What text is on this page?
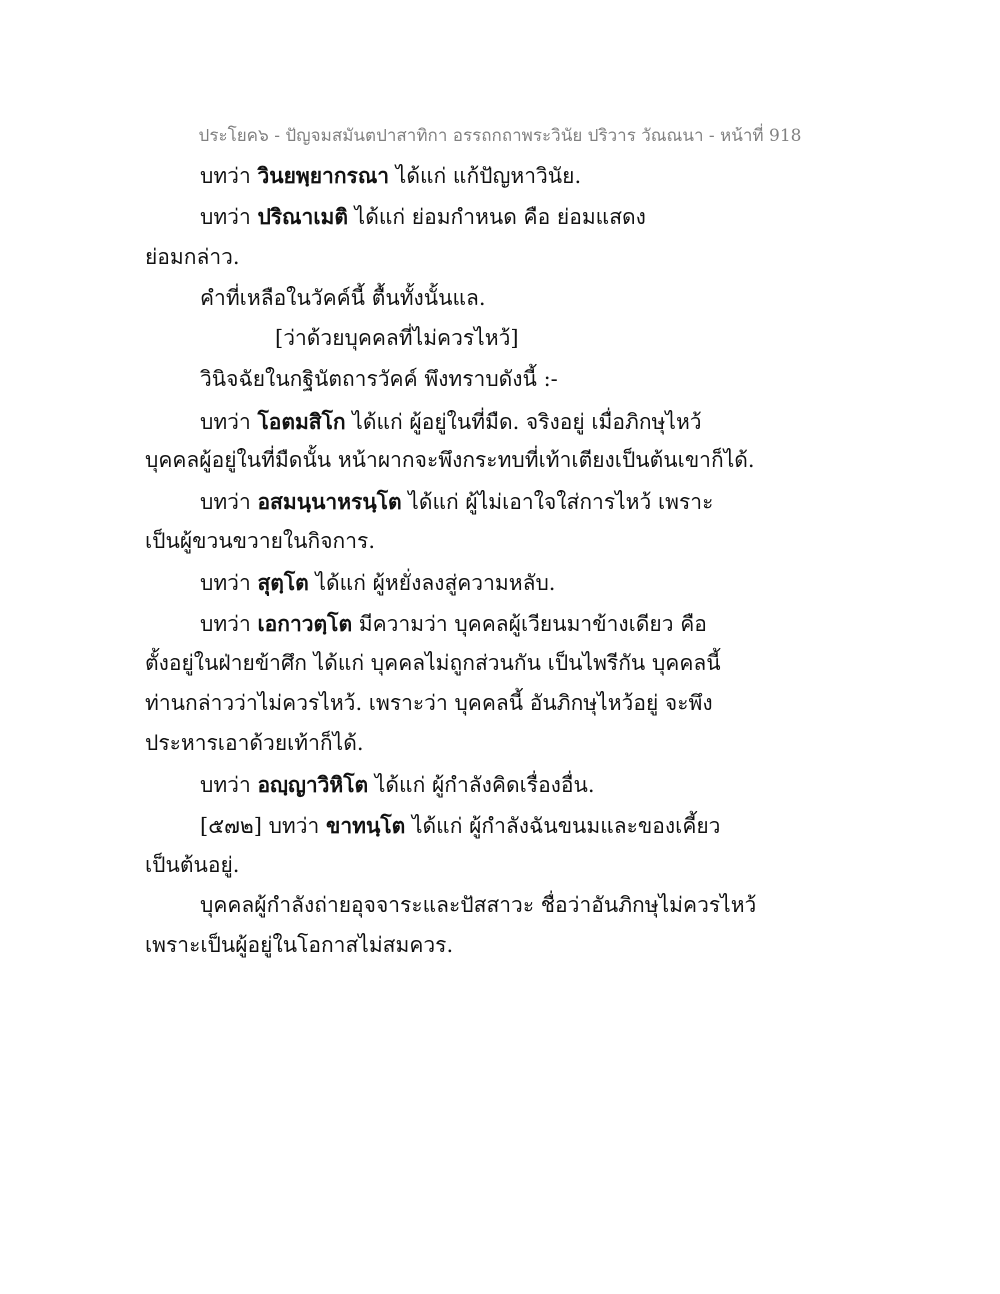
ประโยค๖ - ปัญจมสมันตปาสาทิกา อรรถกถาพระวินัย ปริวาร วัณณนา - หน้าที่ 918
บทว่า วินยพฺยากรณา ได้แก่ แก้ปัญหาวินัย.
บทว่า ปริณาเมติ ได้แก่ ย่อมกำหนด คือ ย่อมแสดง
ย่อมกล่าว.
คำที่เหลือในวัคค์นี้ ตื้นทั้งนั้นแล.
[ว่าด้วยบุคคลที่ไม่ควรไหว้]
วินิจฉัยในกฐินัตถารวัคค์ พึงทราบดังนี้ :-
บทว่า โอตมสิโก ได้แก่ ผู้อยู่ในที่มืด. จริงอยู่ เมื่อภิกษุไหว้
บุคคลผู้อยู่ในที่มืดนั้น หน้าผากจะพึงกระทบที่เท้าเตียงเป็นต้นเขาก็ได้.
บทว่า อสมนฺนาหรนฺโต ได้แก่ ผู้ไม่เอาใจใส่การไหว้ เพราะ
เป็นผู้ขวนขวายในกิจการ.
บทว่า สุตฺโต ได้แก่ ผู้หยั่งลงสู่ความหลับ.
บทว่า เอกาวตฺโต มีความว่า บุคคลผู้เวียนมาข้างเดียว คือ
ตั้งอยู่ในฝ่ายข้าศึก ได้แก่ บุคคลไม่ถูกส่วนกัน เป็นไพรีกัน บุคคลนี้
ท่านกล่าวว่าไม่ควรไหว้. เพราะว่า บุคคลนี้ อันภิกษุไหว้อยู่ จะพึง
ประหารเอาด้วยเท้าก็ได้.
บทว่า อญฺญาวิหิโต ได้แก่ ผู้กำลังคิดเรื่องอื่น.
[๕๗๒] บทว่า ขาทนฺโต ได้แก่ ผู้กำลังฉันขนมและของเคี้ยว
เป็นต้นอยู่.
บุคคลผู้กำลังถ่ายอุจจาระและปัสสาวะ ชื่อว่าอันภิกษุไม่ควรไหว้
เพราะเป็นผู้อยู่ในโอกาสไม่สมควร.
